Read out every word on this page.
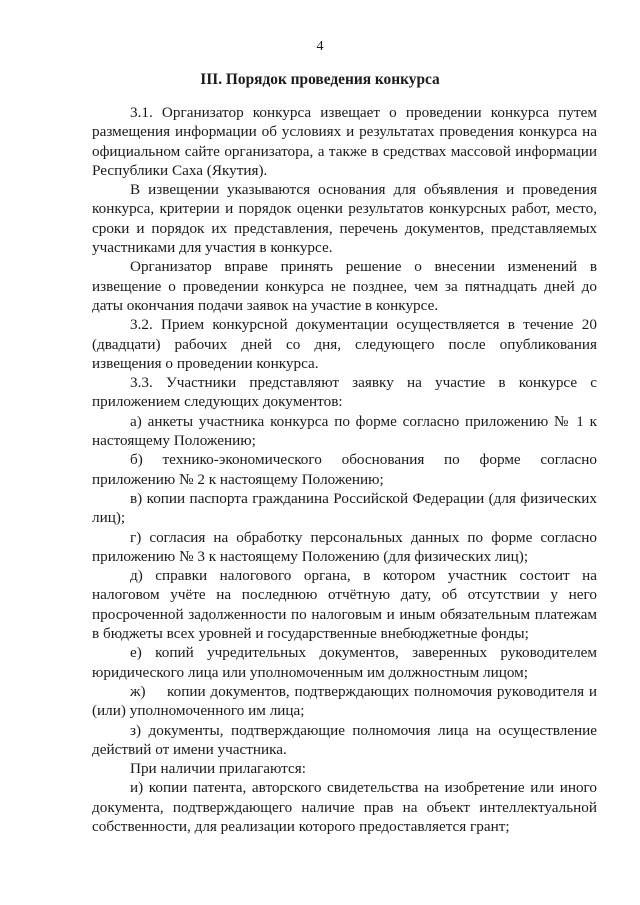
4
III. Порядок проведения конкурса

3.1. Организатор конкурса извещает о проведении конкурса путем размещения информации об условиях и результатах проведения конкурса на официальном сайте организатора, а также в средствах массовой информации Республики Саха (Якутия).

В извещении указываются основания для объявления и проведения конкурса, критерии и порядок оценки результатов конкурсных работ, место, сроки и порядок их представления, перечень документов, представляемых участниками для участия в конкурсе.

Организатор вправе принять решение о внесении изменений в извещение о проведении конкурса не позднее, чем за пятнадцать дней до даты окончания подачи заявок на участие в конкурсе.

3.2. Прием конкурсной документации осуществляется в течение 20 (двадцати) рабочих дней со дня, следующего после опубликования извещения о проведении конкурса.

3.3. Участники представляют заявку на участие в конкурсе с приложением следующих документов:

а) анкеты участника конкурса по форме согласно приложению № 1 к настоящему Положению;

б) технико-экономического обоснования по форме согласно приложению № 2 к настоящему Положению;

в) копии паспорта гражданина Российской Федерации (для физических лиц);

г) согласия на обработку персональных данных по форме согласно приложению № 3 к настоящему Положению (для физических лиц);

д) справки налогового органа, в котором участник состоит на налоговом учёте на последнюю отчётную дату, об отсутствии у него просроченной задолженности по налоговым и иным обязательным платежам в бюджеты всех уровней и государственные внебюджетные фонды;

е) копий учредительных документов, заверенных руководителем юридического лица или уполномоченным им должностным лицом;

ж) копии документов, подтверждающих полномочия руководителя и (или) уполномоченного им лица;

з) документы, подтверждающие полномочия лица на осуществление действий от имени участника.

При наличии прилагаются:

и) копии патента, авторского свидетельства на изобретение или иного документа, подтверждающего наличие прав на объект интеллектуальной собственности, для реализации которого предоставляется грант;
